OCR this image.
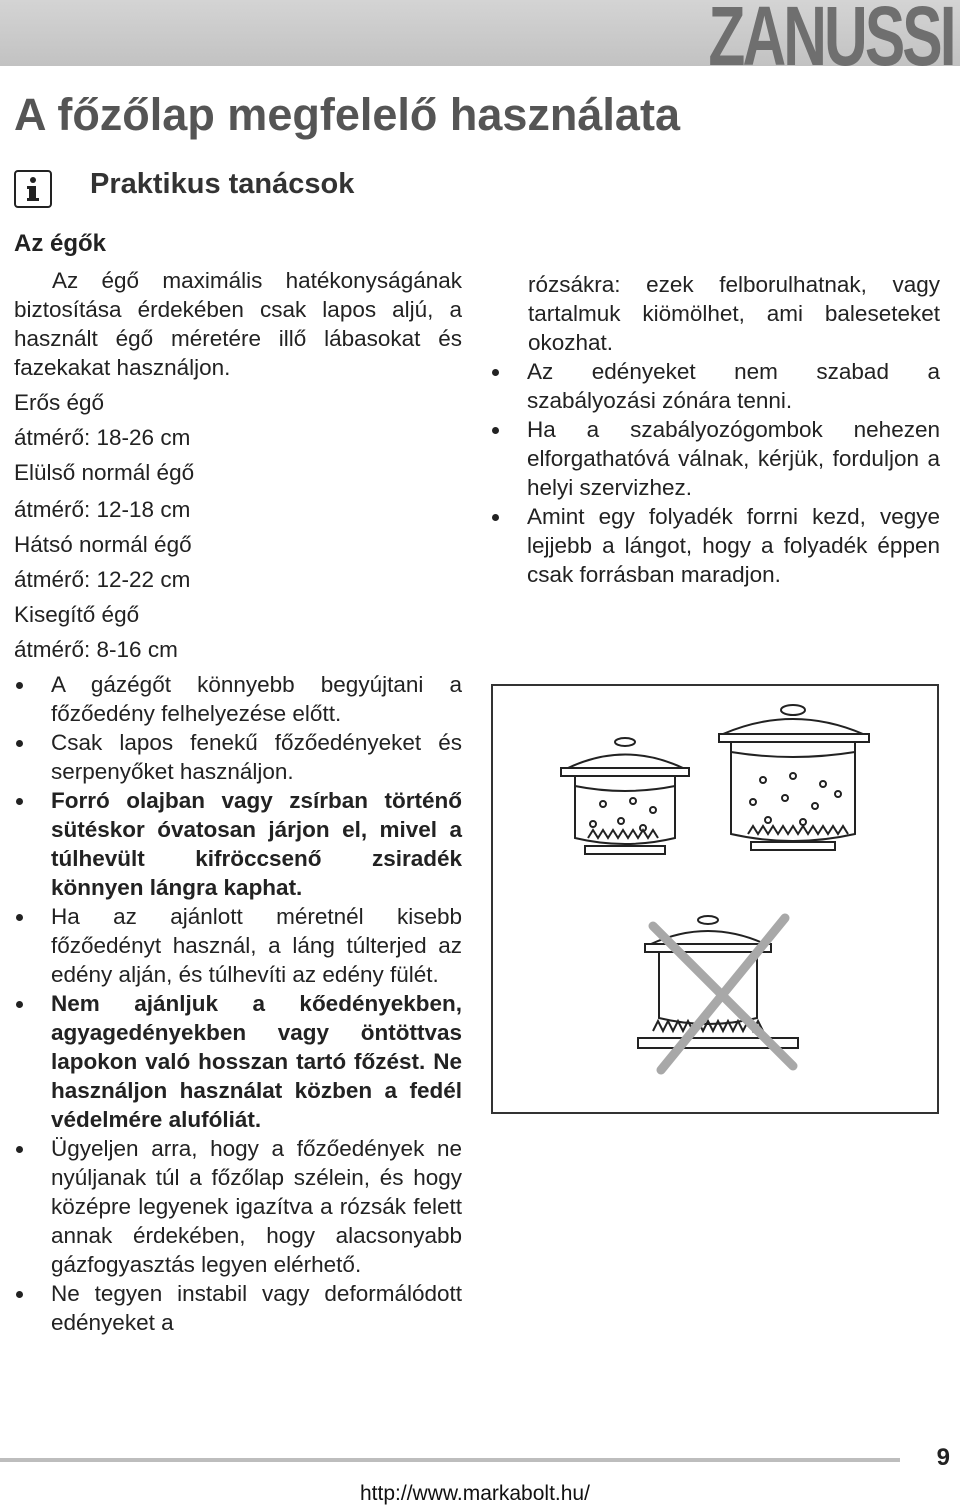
ZANUSSI
A főzőlap megfelelő használata
Praktikus tanácsok
Az égők

Az égő maximális hatékonyságának biztosítása érdekében csak lapos aljú, a használt égő méretére illő lábasokat és fazekakat használjon.

Erős égő

átmérő: 18-26 cm

Elülső normál égő

átmérő: 12-18 cm

Hátsó normál égő

átmérő: 12-22 cm

Kisegítő égő

átmérő: 8-16 cm

A gázégőt könnyebb begyújtani a főzőedény felhelyezése előtt.
Csak lapos fenekű főzőedényeket és serpenyőket használjon.
Forró olajban vagy zsírban történő sütéskor óvatosan járjon el, mivel a túlhevült kifröccsenő zsiradék könnyen lángra kaphat.
Ha az ajánlott méretnél kisebb főzőedényt használ, a láng túlterjed az edény alján, és túlhevíti az edény fülét.
Nem ajánljuk a kőedényekben, agyagedényekben vagy öntöttvas lapokon való hosszan tartó főzést. Ne használjon használat közben a fedél védelmére alufóliát.
Ügyeljen arra, hogy a főzőedények ne nyúljanak túl a főzőlap szélein, és hogy középre legyenek igazítva a rózsák felett annak érdekében, hogy alacsonyabb gázfogyasztás legyen elérhető.
Ne tegyen instabil vagy deformálódott edényeket a

rózsákra: ezek felborulhatnak, vagy tartalmuk kiömölhet, ami baleseteket okozhat.

Az edényeket nem szabad a szabályozási zónára tenni.
Ha a szabályozógombok nehezen elforgathatóvá válnak, kérjük, forduljon a helyi szervizhez.
Amint egy folyadék forrni kezd, vegye lejjebb a lángot, hogy a folyadék éppen csak forrásban maradjon.
9
http://www.markabolt.hu/
